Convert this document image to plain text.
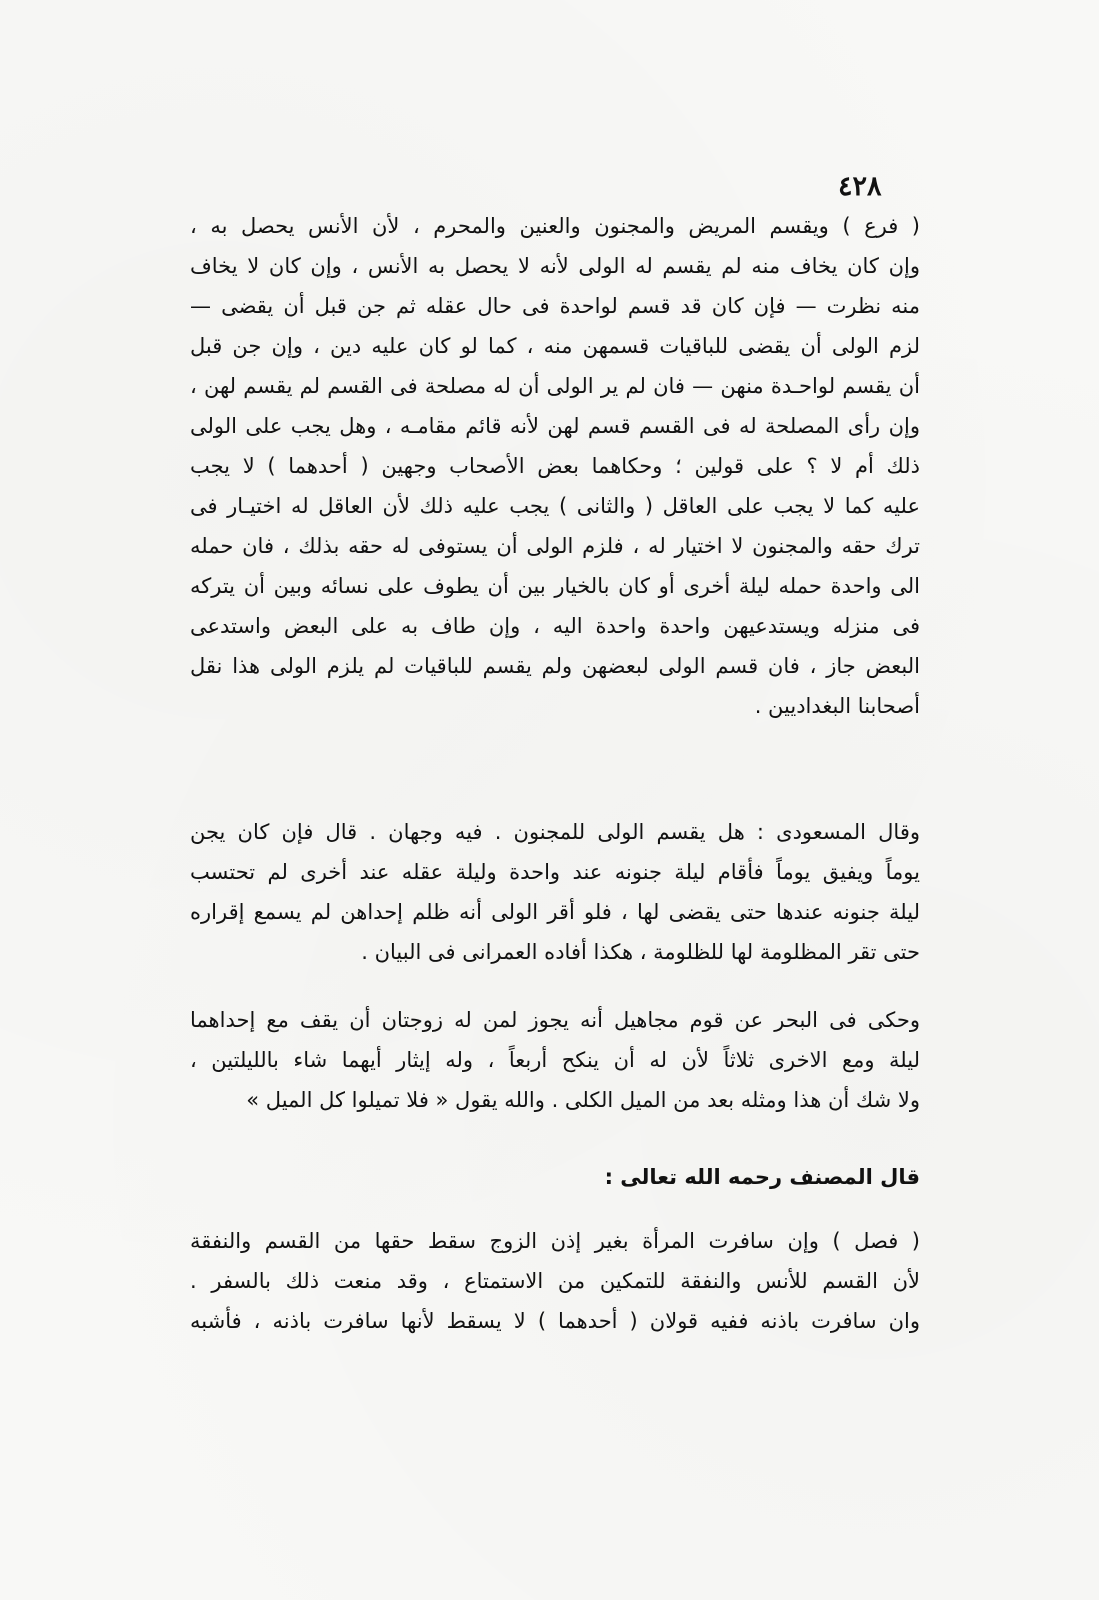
٤٢٨
( فرع ) ويقسم المريض والمجنون والعنين والمحرم ، لأن الأنس يحصل به ،
وإن كان يخاف منه لم يقسم له الولى لأنه لا يحصل به الأنس ، وإن كان لا يخاف
منه نظرت — فإن كان قد قسم لواحدة فى حال عقله ثم جن قبل أن يقضى —
لزم الولى أن يقضى للباقيات قسمهن منه ، كما لو كان عليه دين ، وإن جن قبل
أن يقسم لواحـدة منهن — فان لم ير الولى أن له مصلحة فى القسم لم يقسم لهن ،
وإن رأى المصلحة له فى القسم قسم لهن لأنه قائم مقامـه ، وهل يجب على الولى
ذلك أم لا ؟ على قولين ؛ وحكاهما بعض الأصحاب وجهين ( أحدهما ) لا يجب
عليه كما لا يجب على العاقل ( والثانى ) يجب عليه ذلك لأن العاقل له اختيـار فى
ترك حقه والمجنون لا اختيار له ، فلزم الولى أن يستوفى له حقه بذلك ، فان حمله
الى واحدة حمله ليلة أخرى أو كان بالخيار بين أن يطوف على نسائه وبين أن يتركه
فى منزله ويستدعيهن واحدة واحدة اليه ، وإن طاف به على البعض واستدعى
البعض جاز ، فان قسم الولى لبعضهن ولم يقسم للباقيات لم يلزم الولى هذا نقل
أصحابنا البغداديين .
وقال المسعودى : هل يقسم الولى للمجنون . فيه وجهان . قال فإن كان يجن
يوماً ويفيق يوماً فأقام ليلة جنونه عند واحدة وليلة عقله عند أخرى لم تحتسب
ليلة جنونه عندها حتى يقضى لها ، فلو أقر الولى أنه ظلم إحداهن لم يسمع إقراره
حتى تقر المظلومة لها للظلومة ، هكذا أفاده العمرانى فى البيان .
وحكى فى البحر عن قوم مجاهيل أنه يجوز لمن له زوجتان أن يقف مع إحداهما
ليلة ومع الاخرى ثلاثاً لأن له أن ينكح أربعاً ، وله إيثار أيهما شاء بالليلتين ،
ولا شك أن هذا ومثله بعد من الميل الكلى . والله يقول « فلا تميلوا كل الميل »
قال المصنف رحمه الله تعالى :
( فصل ) وإن سافرت المرأة بغير إذن الزوج سقط حقها من القسم والنفقة
لأن القسم للأنس والنفقة للتمكين من الاستمتاع ، وقد منعت ذلك بالسفر .
وان سافرت باذنه ففيه قولان ( أحدهما ) لا يسقط لأنها سافرت باذنه ، فأشبه
